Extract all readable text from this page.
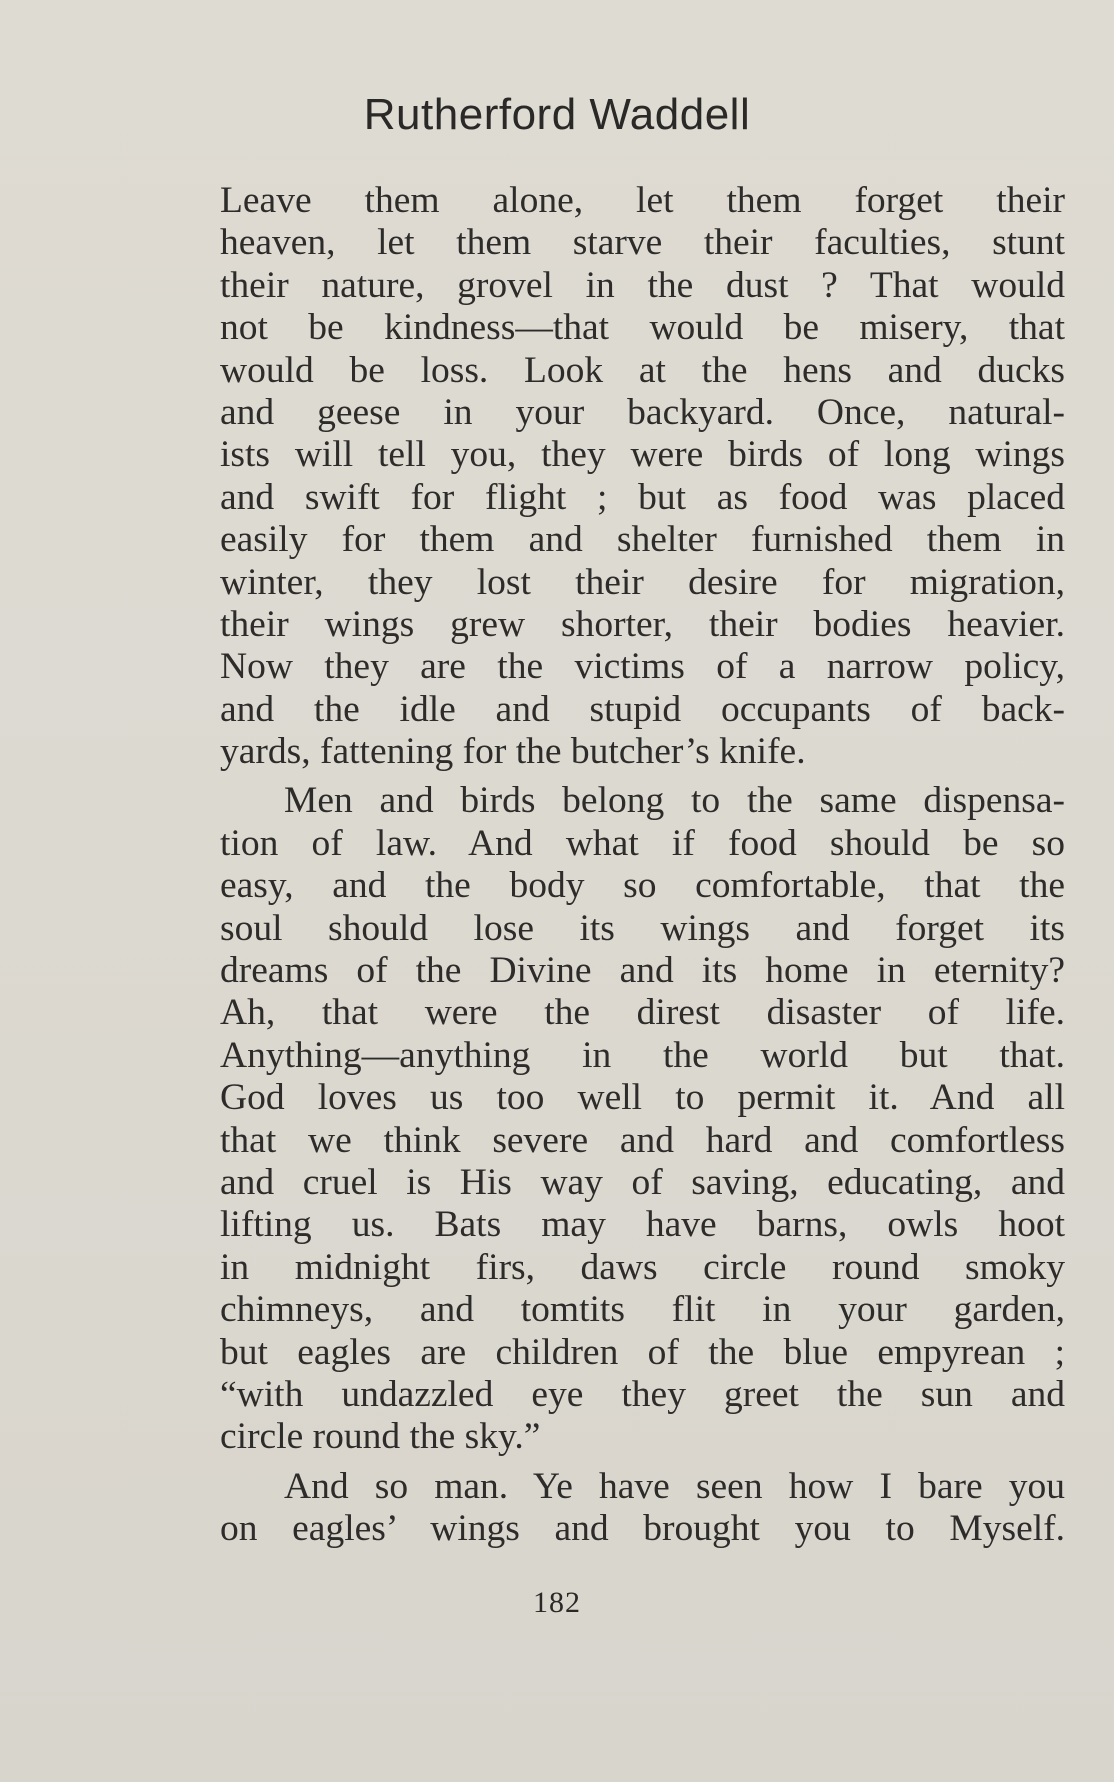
Rutherford Waddell
Leave them alone, let them forget their
heaven, let them starve their faculties, stunt
their nature, grovel in the dust ? That would
not be kindness—that would be misery, that
would be loss. Look at the hens and ducks
and geese in your backyard. Once, natural-
ists will tell you, they were birds of long wings
and swift for flight ; but as food was placed
easily for them and shelter furnished them in
winter, they lost their desire for migration,
their wings grew shorter, their bodies heavier.
Now they are the victims of a narrow policy,
and the idle and stupid occupants of back-
yards, fattening for the butcher’s knife.
Men and birds belong to the same dispensa-
tion of law. And what if food should be so
easy, and the body so comfortable, that the
soul should lose its wings and forget its
dreams of the Divine and its home in eternity?
Ah, that were the direst disaster of life.
Anything—anything in the world but that.
God loves us too well to permit it. And all
that we think severe and hard and comfortless
and cruel is His way of saving, educating, and
lifting us. Bats may have barns, owls hoot
in midnight firs, daws circle round smoky
chimneys, and tomtits flit in your garden,
but eagles are children of the blue empyrean ;
“with undazzled eye they greet the sun and
circle round the sky.”
And so man. Ye have seen how I bare you
on eagles’ wings and brought you to Myself.
182
